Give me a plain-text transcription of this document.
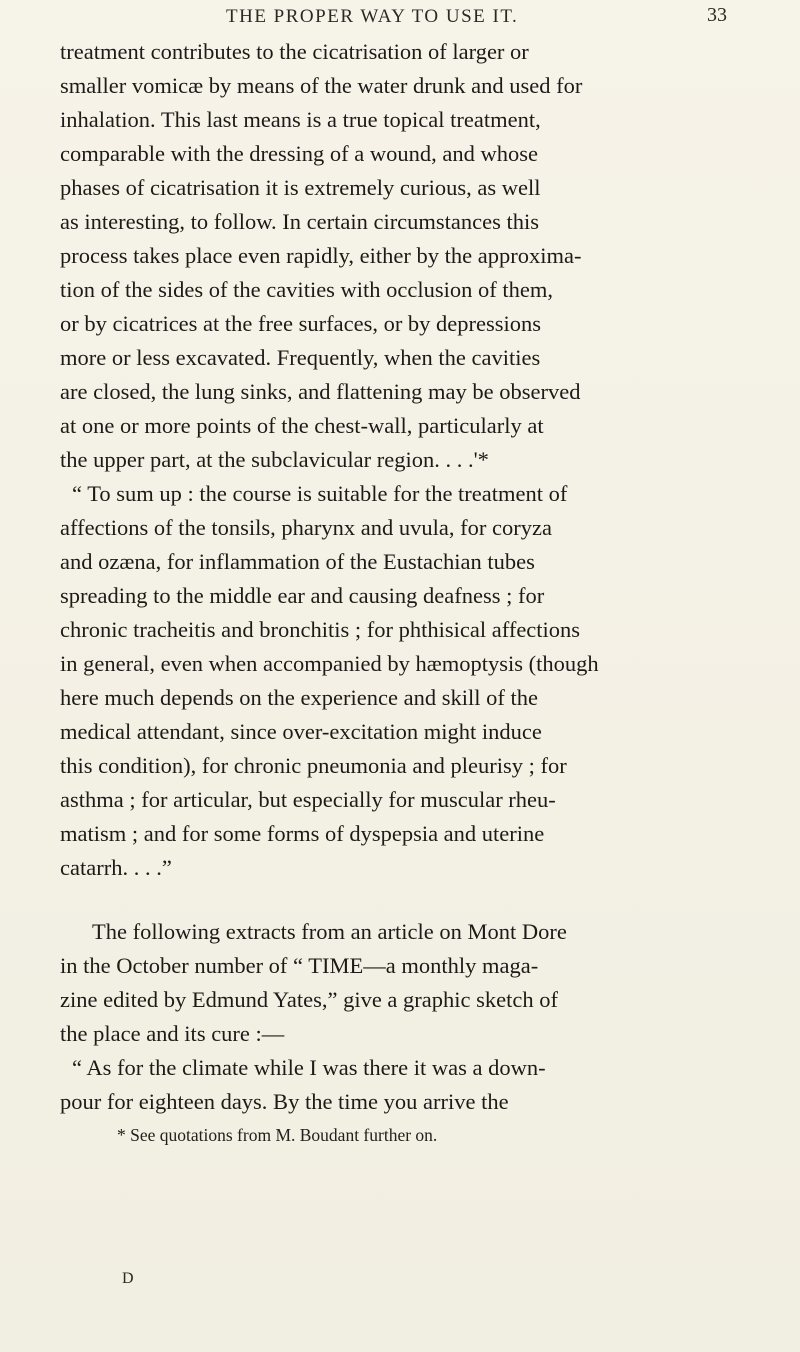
THE PROPER WAY TO USE IT.	33
treatment contributes to the cicatrisation of larger or
smaller vomicæ by means of the water drunk and used for
inhalation. This last means is a true topical treatment,
comparable with the dressing of a wound, and whose
phases of cicatrisation it is extremely curious, as well
as interesting, to follow. In certain circumstances this
process takes place even rapidly, either by the approxima-
tion of the sides of the cavities with occlusion of them,
or by cicatrices at the free surfaces, or by depressions
more or less excavated. Frequently, when the cavities
are closed, the lung sinks, and flattening may be observed
at one or more points of the chest-wall, particularly at
the upper part, at the subclavicular region. . . .'*
“ To sum up : the course is suitable for the treatment of
affections of the tonsils, pharynx and uvula, for coryza
and ozæna, for inflammation of the Eustachian tubes
spreading to the middle ear and causing deafness ; for
chronic tracheitis and bronchitis ; for phthisical affections
in general, even when accompanied by hæmoptysis (though
here much depends on the experience and skill of the
medical attendant, since over-excitation might induce
this condition), for chronic pneumonia and pleurisy ; for
asthma ; for articular, but especially for muscular rheu-
matism ; and for some forms of dyspepsia and uterine
catarrh. . . .”
The following extracts from an article on Mont Dore
in the October number of “ TIME—a monthly maga-
zine edited by Edmund Yates,” give a graphic sketch of
the place and its cure :—
“ As for the climate while I was there it was a down-
pour for eighteen days. By the time you arrive the
* See quotations from M. Boudant further on.
D
